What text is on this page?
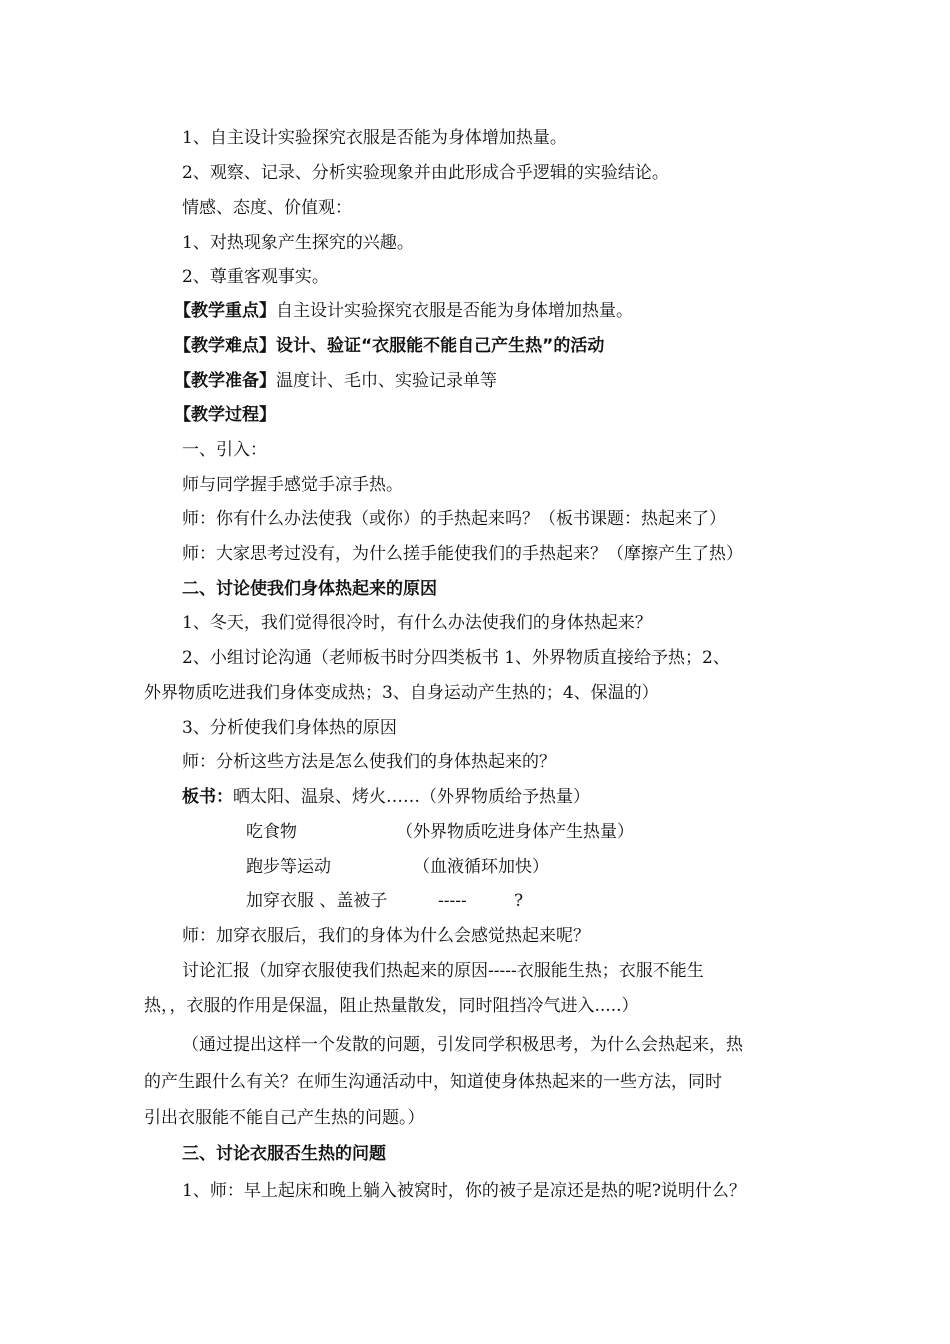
1、自主设计实验探究衣服是否能为身体增加热量。
2、观察、记录、分析实验现象并由此形成合乎逻辑的实验结论。
情感、态度、价值观：
1、对热现象产生探究的兴趣。
2、尊重客观事实。
【教学重点】自主设计实验探究衣服是否能为身体增加热量。
【教学难点】设计、验证“衣服能不能自己产生热”的活动
【教学准备】温度计、毛巾、实验记录单等
【教学过程】
一、引入：
师与同学握手感觉手凉手热。
师：你有什么办法使我（或你）的手热起来吗？（板书课题：热起来了）
师：大家思考过没有，为什么搓手能使我们的手热起来？（摩擦产生了热）
二、讨论使我们身体热起来的原因
1、冬天，我们觉得很冷时，有什么办法使我们的身体热起来？
2、小组讨论沟通（老师板书时分四类板书 1、外界物质直接给予热；2、
外界物质吃进我们身体变成热；3、自身运动产生热的；4、保温的）
3、分析使我们身体热的原因
师：分析这些方法是怎么使我们的身体热起来的？
板书：晒太阳、温泉、烤火……（外界物质给予热量）
吃食物	（外界物质吃进身体产生热量）
跑步等运动	（血液循环加快）
加穿衣服 、盖被子	-----	?
师：加穿衣服后，我们的身体为什么会感觉热起来呢？
讨论汇报（加穿衣服使我们热起来的原因-----衣服能生热；衣服不能生
热，，衣服的作用是保温，阻止热量散发，同时阻挡冷气进入.....）
（通过提出这样一个发散的问题，引发同学积极思考，为什么会热起来，热
的产生跟什么有关？在师生沟通活动中，知道使身体热起来的一些方法，同时
引出衣服能不能自己产生热的问题。）
三、讨论衣服否生热的问题
1、师：早上起床和晚上躺入被窝时，你的被子是凉还是热的呢?说明什么？
